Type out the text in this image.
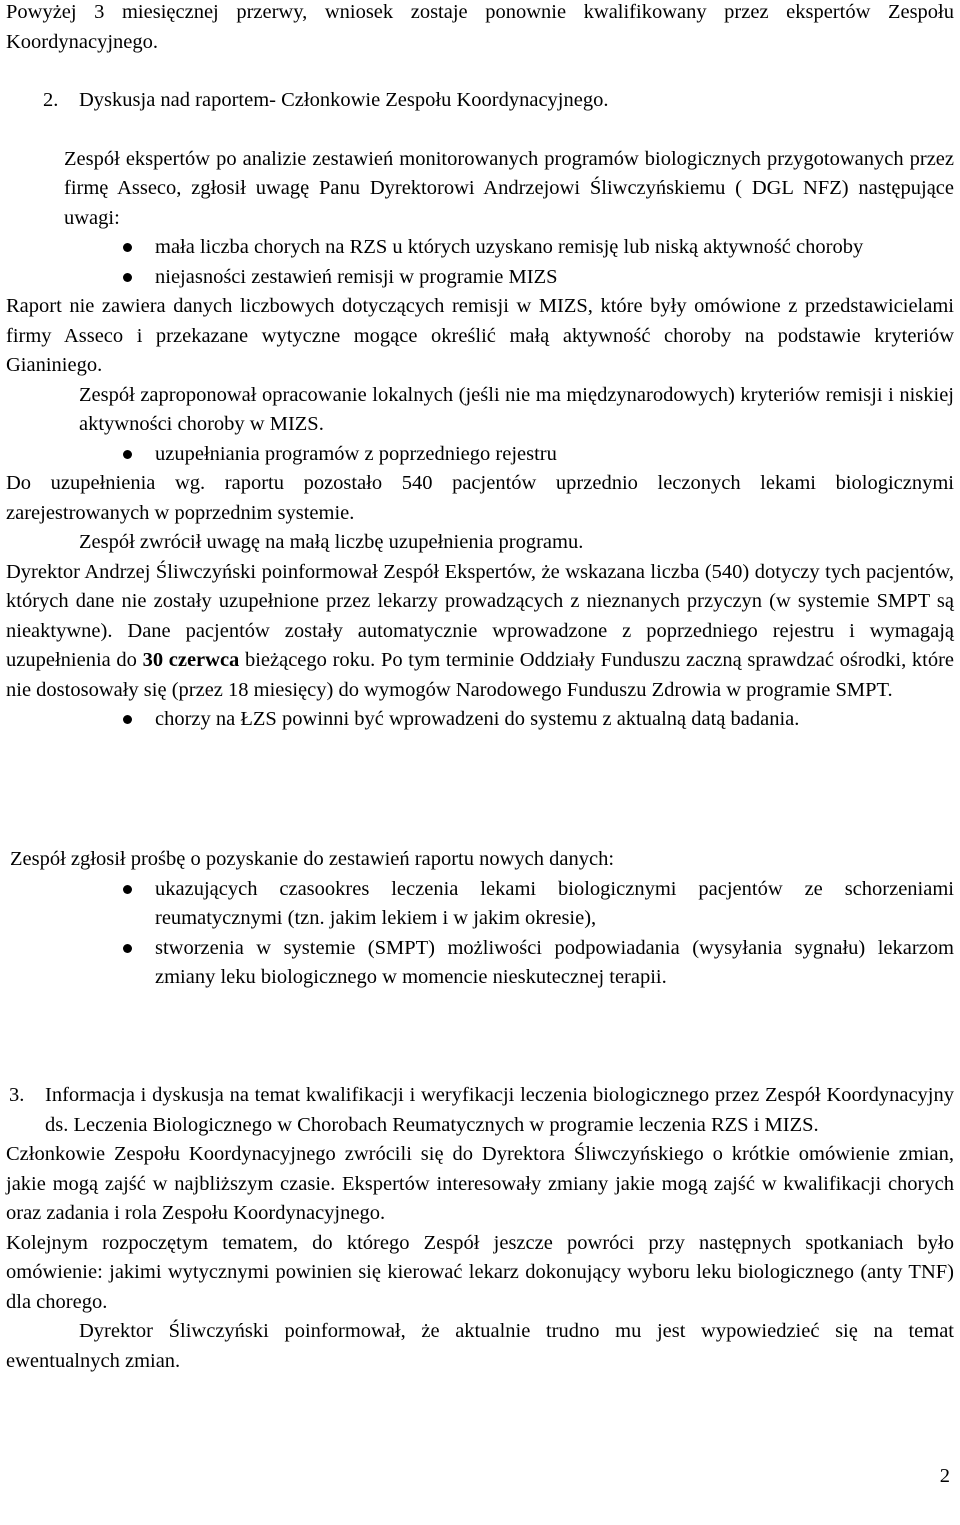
Powyżej 3 miesięcznej przerwy, wniosek zostaje ponownie kwalifikowany przez ekspertów Zespołu Koordynacyjnego.

2.	Dyskusja nad raportem- Członkowie Zespołu Koordynacyjnego.

Zespół ekspertów po analizie zestawień monitorowanych programów biologicznych przygotowanych przez firmę Asseco, zgłosił uwagę Panu Dyrektorowi Andrzejowi Śliwczyńskiemu ( DGL NFZ) następujące uwagi:

mała liczba chorych na RZS u których uzyskano remisję lub niską aktywność choroby
niejasności zestawień remisji w programie MIZS

Raport nie zawiera danych liczbowych dotyczących remisji w MIZS, które były omówione z przedstawicielami firmy Asseco i przekazane wytyczne mogące określić małą aktywność choroby na podstawie kryteriów Gianiniego.

Zespół zaproponował opracowanie lokalnych (jeśli nie ma międzynarodowych) kryteriów remisji i niskiej aktywności choroby w MIZS.

uzupełniania programów z poprzedniego rejestru

Do uzupełnienia wg. raportu pozostało 540 pacjentów uprzednio leczonych lekami biologicznymi zarejestrowanych w poprzednim systemie.

Zespół zwrócił uwagę na małą liczbę uzupełnienia programu.

Dyrektor Andrzej Śliwczyński poinformował Zespół Ekspertów, że wskazana liczba (540) dotyczy tych pacjentów, których dane nie zostały uzupełnione przez lekarzy prowadzących z nieznanych przyczyn (w systemie SMPT są nieaktywne). Dane pacjentów zostały automatycznie wprowadzone z poprzedniego rejestru i wymagają uzupełnienia do 30 czerwca bieżącego roku. Po tym terminie Oddziały Funduszu zaczną sprawdzać ośrodki, które nie dostosowały się (przez 18 miesięcy) do wymogów Narodowego Funduszu Zdrowia w programie SMPT.

chorzy na ŁZS powinni być wprowadzeni do systemu z aktualną datą badania.

Zespół zgłosił prośbę o pozyskanie do zestawień raportu nowych danych:

ukazujących czasookres leczenia lekami biologicznymi pacjentów ze schorzeniami reumatycznymi (tzn. jakim lekiem i w jakim okresie),
stworzenia w systemie (SMPT) możliwości podpowiadania (wysyłania sygnału) lekarzom zmiany leku biologicznego w momencie nieskutecznej terapii.
3.	Informacja i dyskusja na temat kwalifikacji i weryfikacji leczenia biologicznego przez Zespół Koordynacyjny ds. Leczenia Biologicznego w Chorobach Reumatycznych w programie leczenia RZS i MIZS.

Członkowie Zespołu Koordynacyjnego zwrócili się do Dyrektora Śliwczyńskiego o krótkie omówienie zmian, jakie mogą zajść w najbliższym czasie. Ekspertów interesowały zmiany jakie mogą zajść w kwalifikacji chorych oraz zadania i rola Zespołu Koordynacyjnego.

Kolejnym rozpoczętym tematem, do którego Zespół jeszcze powróci przy następnych spotkaniach było omówienie: jakimi wytycznymi powinien się kierować lekarz dokonujący wyboru leku biologicznego (anty TNF) dla chorego.

Dyrektor Śliwczyński poinformował, że aktualnie trudno mu jest wypowiedzieć się na temat ewentualnych zmian.

2
